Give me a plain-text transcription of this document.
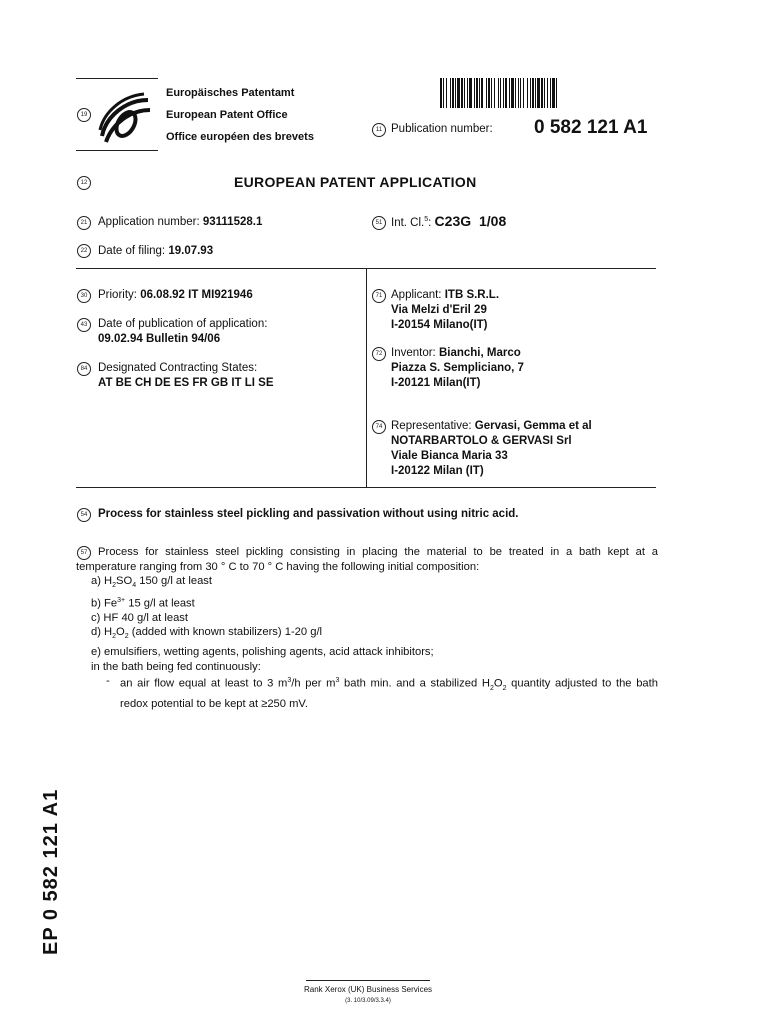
19
Europäisches Patentamt
European Patent Office
Office européen des brevets
11 Publication number: 0 582 121 A1
12	EUROPEAN PATENT APPLICATION
21 Application number: 93111528.1	51 Int. Cl.$^5$: C23G 1/08
22 Date of filing: 19.07.93
30 Priority: 06.08.92 IT MI921946
43 Date of publication of application:
09.02.94 Bulletin 94/06
84 Designated Contracting States:
AT BE CH DE ES FR GB IT LI SE
71 Applicant: ITB S.R.L.
Via Melzi d'Eril 29
I-20154 Milano(IT)
72 Inventor: Bianchi, Marco
Piazza S. Sempliciano, 7
I-20121 Milan(IT)
74 Representative: Gervasi, Gemma et al
NOTARBARTOLO & GERVASI Srl
Viale Bianca Maria 33
I-20122 Milan (IT)
54 Process for stainless steel pickling and passivation without using nitric acid.
57 Process for stainless steel pickling consisting in placing the material to be treated in a bath kept at a
temperature ranging from 30 ° C to 70 ° C having the following initial composition:
a) $H_2SO_4$ 150 g/l at least
b) $Fe^{3+}$ 15 g/l at least
c) HF 40 g/l at least
d) $H_2O_2$ (added with known stabilizers) 1-20 g/l
e) emulsifiers, wetting agents, polishing agents, acid attack inhibitors;
in the bath being fed continuously:
- an air flow equal at least to 3 $m^3/h$ per $m^3$ bath min. and a stabilized $H_2O_2$ quantity adjusted to the bath
redox potential to be kept at ≥250 mV.
EP 0 582 121 A1
Rank Xerox (UK) Business Services
(3. 10/3.09/3.3.4)
